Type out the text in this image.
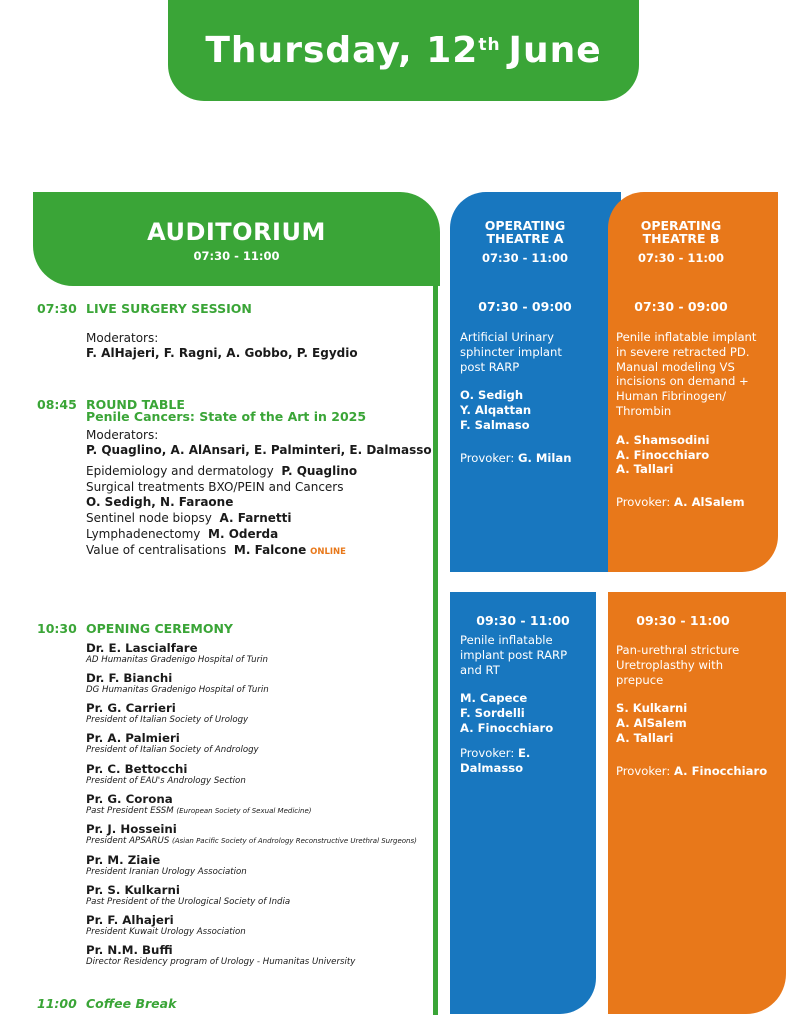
Thursday, 12th June
AUDITORIUM
07:30 - 11:00
07:30 LIVE SURGERY SESSION
Moderators:
F. AlHajeri, F. Ragni, A. Gobbo, P. Egydio
08:45 ROUND TABLE
Penile Cancers: State of the Art in 2025
Moderators:
P. Quaglino, A. AlAnsari, E. Palminteri, E. Dalmasso
Epidemiology and dermatology P. Quaglino
Surgical treatments BXO/PEIN and Cancers
O. Sedigh, N. Faraone
Sentinel node biopsy A. Farnetti
Lymphadenectomy M. Oderda
Value of centralisations M. Falcone ONLINE
10:30 OPENING CEREMONY
Dr. E. Lascialfare
AD Humanitas Gradenigo Hospital of Turin
Dr. F. Bianchi
DG Humanitas Gradenigo Hospital of Turin
Pr. G. Carrieri
President of Italian Society of Urology
Pr. A. Palmieri
President of Italian Society of Andrology
Pr. C. Bettocchi
President of EAU's Andrology Section
Pr. G. Corona
Past President ESSM (European Society of Sexual Medicine)
Pr. J. Hosseini
President APSARUS (Asian Pacific Society of Andrology Reconstructive Urethral Surgeons)
Pr. M. Ziaie
President Iranian Urology Association
Pr. S. Kulkarni
Past President of the Urological Society of India
Pr. F. Alhajeri
President Kuwait Urology Association
Pr. N.M. Buffi
Director Residency program of Urology - Humanitas University
11:00 Coffee Break
OPERATING
THEATRE A
07:30 - 11:00
07:30 - 09:00
Artificial Urinary
sphincter implant
post RARP
O. Sedigh
Y. Alqattan
F. Salmaso
Provoker: G. Milan
09:30 - 11:00
Penile inflatable
implant post RARP
and RT
M. Capece
F. Sordelli
A. Finocchiaro
Provoker: E. Dalmasso
OPERATING
THEATRE B
07:30 - 11:00
07:30 - 09:00
Penile inflatable implant
in severe retracted PD.
Manual modeling VS
incisions on demand +
Human Fibrinogen/
Thrombin
A. Shamsodini
A. Finocchiaro
A. Tallari
Provoker: A. AlSalem
09:30 - 11:00
Pan-urethral stricture
Uretroplasthy with
prepuce
S. Kulkarni
A. AlSalem
A. Tallari
Provoker: A. Finocchiaro
